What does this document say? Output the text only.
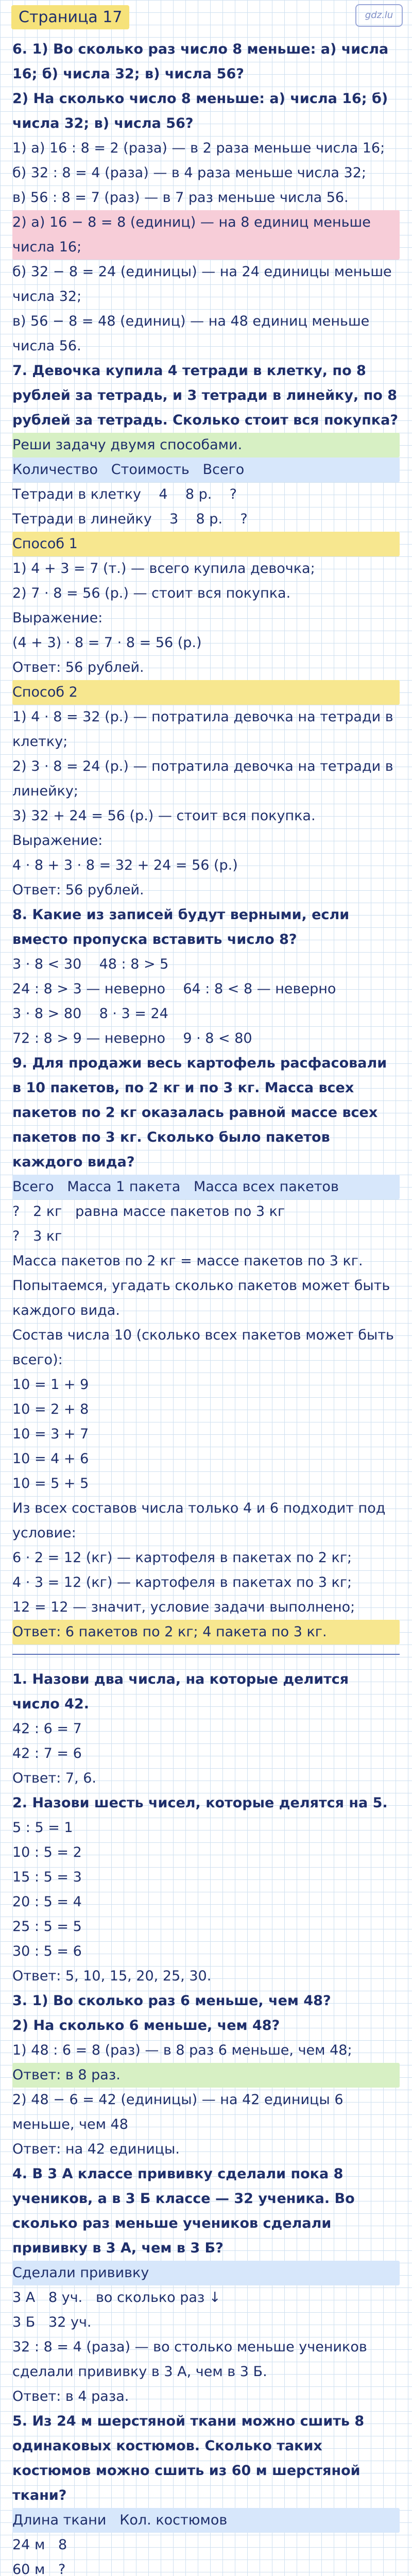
Страница 17	gdz.lu
6. 1) Во сколько раз число 8 меньше: а) числа 16; б) числа 32; в) числа 56?
2) На сколько число 8 меньше: а) числа 16; б) числа 32; в) числа 56?
1) а) 16 : 8 = 2 (раза) — в 2 раза меньше числа 16;
б) 32 : 8 = 4 (раза) — в 4 раза меньше числа 32;
в) 56 : 8 = 7 (раз) — в 7 раз меньше числа 56.
2) а) 16 − 8 = 8 (единиц) — на 8 единиц меньше числа 16;
б) 32 − 8 = 24 (единицы) — на 24 единицы меньше числа 32;
в) 56 − 8 = 48 (единиц) — на 48 единиц меньше числа 56.
7. Девочка купила 4 тетради в клетку, по 8 рублей за тетрадь, и 3 тетради в линейку, по 8 рублей за тетрадь. Сколько стоит вся покупка?
Реши задачу двумя способами.
Количество   Стоимость   Всего
Тетради в клетку    4    8 р.    ?
Тетради в линейку    3    8 р.    ?
Способ 1
1) 4 + 3 = 7 (т.) — всего купила девочка;
2) 7 · 8 = 56 (р.) — стоит вся покупка.
Выражение:
(4 + 3) · 8 = 7 · 8 = 56 (р.)
Ответ: 56 рублей.
Способ 2
1) 4 · 8 = 32 (р.) — потратила девочка на тетради в клетку;
2) 3 · 8 = 24 (р.) — потратила девочка на тетради в линейку;
3) 32 + 24 = 56 (р.) — стоит вся покупка.
Выражение:
4 · 8 + 3 · 8 = 32 + 24 = 56 (р.)
Ответ: 56 рублей.
8. Какие из записей будут верными, если вместо пропуска вставить число 8?
3 · 8 < 30    48 : 8 > 5
24 : 8 > 3 — неверно    64 : 8 < 8 — неверно
3 · 8 > 80    8 · 3 = 24
72 : 8 > 9 — неверно    9 · 8 < 80
9. Для продажи весь картофель расфасовали в 10 пакетов, по 2 кг и по 3 кг. Масса всех пакетов по 2 кг оказалась равной массе всех пакетов по 3 кг. Сколько было пакетов каждого вида?
Всего   Масса 1 пакета   Масса всех пакетов
?   2 кг   равна массе пакетов по 3 кг
?   3 кг
Масса пакетов по 2 кг = массе пакетов по 3 кг.
Попытаемся, угадать сколько пакетов может быть каждого вида.
Состав числа 10 (сколько всех пакетов может быть всего):
10 = 1 + 9
10 = 2 + 8
10 = 3 + 7
10 = 4 + 6
10 = 5 + 5
Из всех составов числа только 4 и 6 подходит под условие:
6 · 2 = 12 (кг) — картофеля в пакетах по 2 кг;
4 · 3 = 12 (кг) — картофеля в пакетах по 3 кг;
12 = 12 — значит, условие задачи выполнено;
Ответ: 6 пакетов по 2 кг; 4 пакета по 3 кг.
1. Назови два числа, на которые делится число 42.
42 : 6 = 7
42 : 7 = 6
Ответ: 7, 6.
2. Назови шесть чисел, которые делятся на 5.
5 : 5 = 1
10 : 5 = 2
15 : 5 = 3
20 : 5 = 4
25 : 5 = 5
30 : 5 = 6
Ответ: 5, 10, 15, 20, 25, 30.
3. 1) Во сколько раз 6 меньше, чем 48?
2) На сколько 6 меньше, чем 48?
1) 48 : 6 = 8 (раз) — в 8 раз 6 меньше, чем 48;
Ответ: в 8 раз.
2) 48 − 6 = 42 (единицы) — на 42 единицы 6 меньше, чем 48
Ответ: на 42 единицы.
4. В 3 А классе прививку сделали пока 8 учеников, а в 3 Б классе — 32 ученика. Во сколько раз меньше учеников сделали прививку в 3 А, чем в 3 Б?
Сделали прививку
3 А   8 уч.   во сколько раз ↓
3 Б   32 уч.
32 : 8 = 4 (раза) — во столько меньше учеников сделали прививку в 3 А, чем в 3 Б.
Ответ: в 4 раза.
5. Из 24 м шерстяной ткани можно сшить 8 одинаковых костюмов. Сколько таких костюмов можно сшить из 60 м шерстяной ткани?
Длина ткани   Кол. костюмов
24 м   8
60 м   ?
